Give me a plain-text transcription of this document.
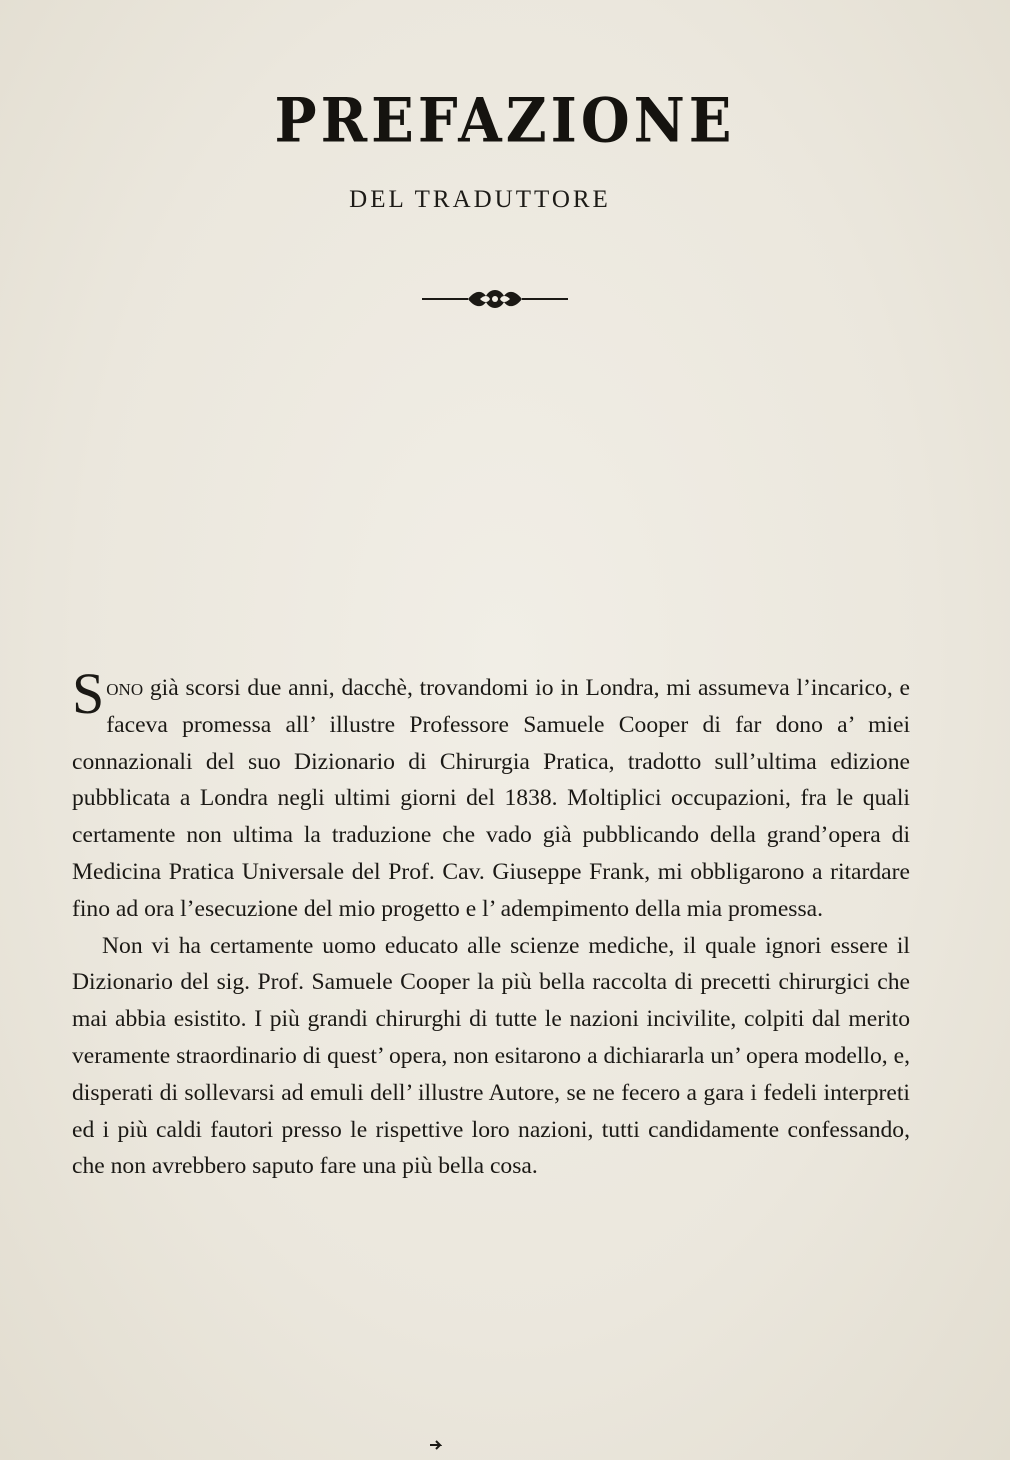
PREFAZIONE
DEL TRADUTTORE

Sono già scorsi due anni, dacchè, trovandomi io in Londra, mi assumeva l’incarico, e faceva promessa all’ illustre Professore Samuele Cooper di far dono a’ miei connazionali del suo Dizionario di Chirurgia Pratica, tradotto sull’ultima edizione pubblicata a Londra negli ultimi giorni del 1838. Moltiplici occupazioni, fra le quali certamente non ultima la traduzione che vado già pubblicando della grand’opera di Medicina Pratica Universale del Prof. Cav. Giuseppe Frank, mi obbligarono a ritardare fino ad ora l’esecuzione del mio progetto e l’ adempimento della mia promessa.

Non vi ha certamente uomo educato alle scienze mediche, il quale ignori essere il Dizionario del sig. Prof. Samuele Cooper la più bella raccolta di precetti chirurgici che mai abbia esistito. I più grandi chirurghi di tutte le nazioni incivilite, colpiti dal merito veramente straordinario di quest’ opera, non esitarono a dichiararla un’ opera modello, e, disperati di sollevarsi ad emuli dell’ illustre Autore, se ne fecero a gara i fedeli interpreti ed i più caldi fautori presso le rispettive loro nazioni, tutti candidamente confessando, che non avrebbero saputo fare una più bella cosa.
